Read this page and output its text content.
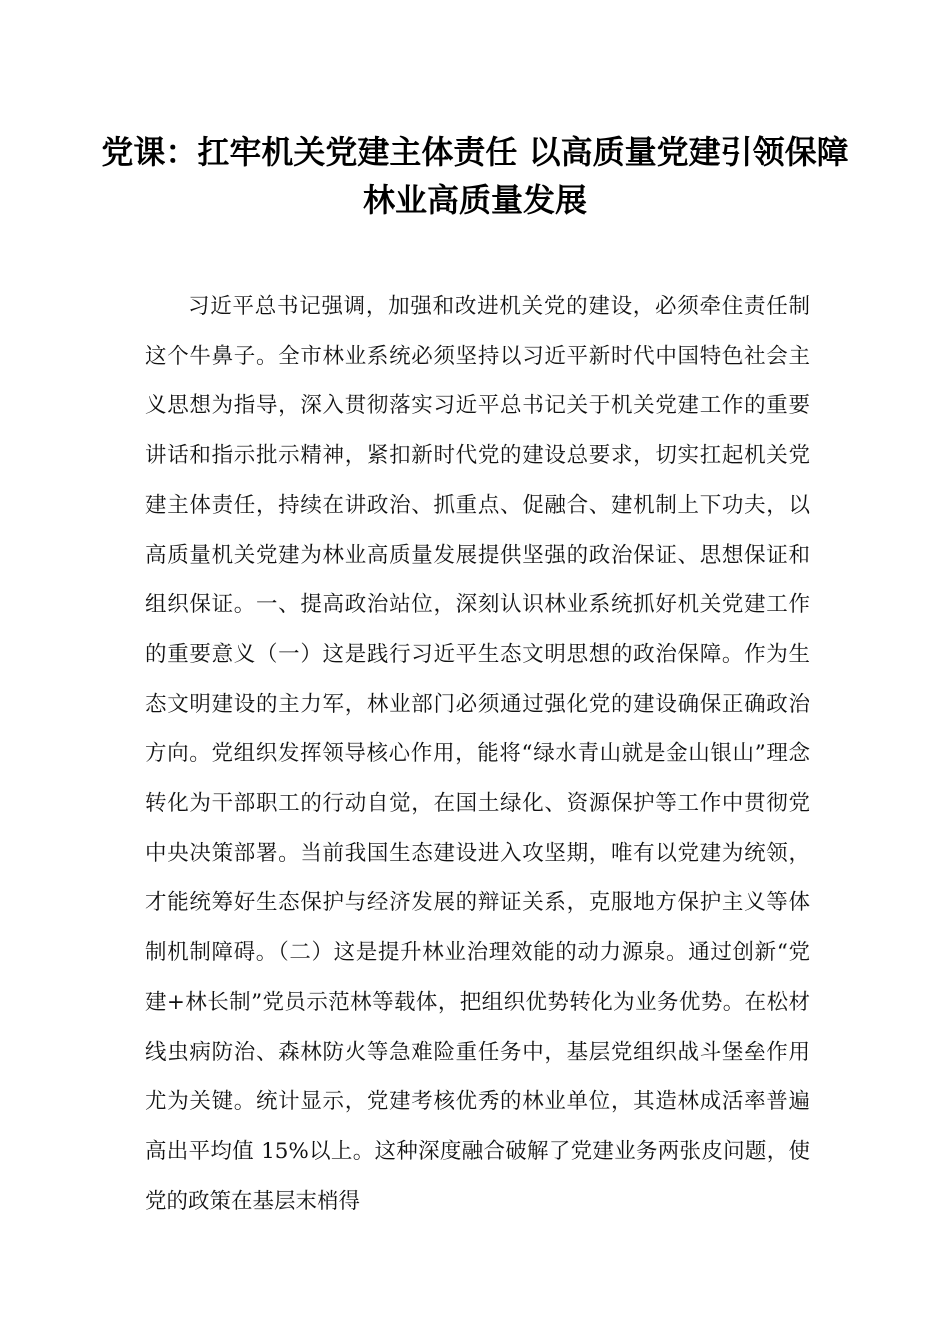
党课：扛牢机关党建主体责任 以高质量党建引领保障林业高质量发展

习近平总书记强调，加强和改进机关党的建设，必须牵住责任制这个牛鼻子。全市林业系统必须坚持以习近平新时代中国特色社会主义思想为指导，深入贯彻落实习近平总书记关于机关党建工作的重要讲话和指示批示精神，紧扣新时代党的建设总要求，切实扛起机关党建主体责任，持续在讲政治、抓重点、促融合、建机制上下功夫，以高质量机关党建为林业高质量发展提供坚强的政治保证、思想保证和组织保证。一、提高政治站位，深刻认识林业系统抓好机关党建工作的重要意义（一）这是践行习近平生态文明思想的政治保障。作为生态文明建设的主力军，林业部门必须通过强化党的建设确保正确政治方向。党组织发挥领导核心作用，能将“绿水青山就是金山银山”理念转化为干部职工的行动自觉，在国土绿化、资源保护等工作中贯彻党中央决策部署。当前我国生态建设进入攻坚期，唯有以党建为统领，才能统筹好生态保护与经济发展的辩证关系，克服地方保护主义等体制机制障碍。（二）这是提升林业治理效能的动力源泉。通过创新“党建+林长制”党员示范林等载体，把组织优势转化为业务优势。在松材线虫病防治、森林防火等急难险重任务中，基层党组织战斗堡垒作用尤为关键。统计显示，党建考核优秀的林业单位，其造林成活率普遍高出平均值 15%以上。这种深度融合破解了党建业务两张皮问题，使党的政策在基层末梢得
